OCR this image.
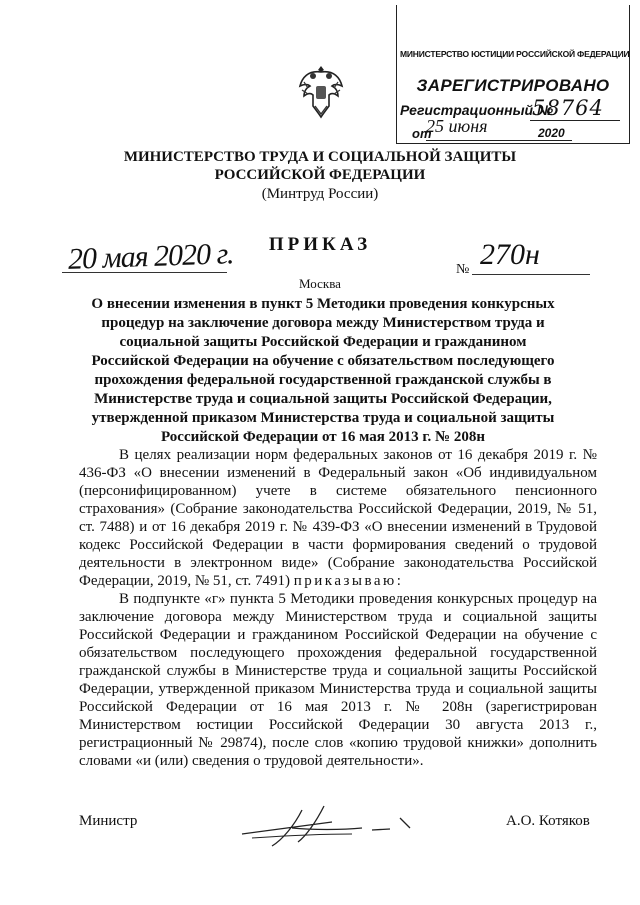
МИНИСТЕРСТВО ЮСТИЦИИ РОССИЙСКОЙ ФЕДЕРАЦИИ
ЗАРЕГИСТРИРОВАНО
Регистрационный №
58764
от
25 июня	2020
МИНИСТЕРСТВО ТРУДА И СОЦИАЛЬНОЙ ЗАЩИТЫ
РОССИЙСКОЙ ФЕДЕРАЦИИ
(Минтруд России)
20 мая 2020 г.	ПРИКАЗ
№ 270н
Москва
О внесении изменения в пункт 5 Методики проведения конкурсных процедур на заключение договора между Министерством труда и социальной защиты Российской Федерации и гражданином Российской Федерации на обучение с обязательством последующего прохождения федеральной государственной гражданской службы в Министерстве труда и социальной защиты Российской Федерации, утвержденной приказом Министерства труда и социальной защиты Российской Федерации от 16 мая 2013 г. № 208н

В целях реализации норм федеральных законов от 16 декабря 2019 г. № 436-ФЗ «О внесении изменений в Федеральный закон «Об индивидуальном (персонифицированном) учете в системе обязательного пенсионного страхования» (Собрание законодательства Российской Федерации, 2019, № 51, ст. 7488) и от 16 декабря 2019 г. № 439-ФЗ «О внесении изменений в Трудовой кодекс Российской Федерации в части формирования сведений о трудовой деятельности в электронном виде» (Собрание законодательства Российской Федерации, 2019, № 51, ст. 7491) приказываю:

В подпункте «г» пункта 5 Методики проведения конкурсных процедур на заключение договора между Министерством труда и социальной защиты Российской Федерации и гражданином Российской Федерации на обучение с обязательством последующего прохождения федеральной государственной гражданской службы в Министерстве труда и социальной защиты Российской Федерации, утвержденной приказом Министерства труда и социальной защиты Российской Федерации от 16 мая 2013 г. № 208н (зарегистрирован Министерством юстиции Российской Федерации 30 августа 2013 г., регистрационный № 29874), после слов «копию трудовой книжки» дополнить словами «и (или) сведения о трудовой деятельности».

Министр	А.О. Котяков
